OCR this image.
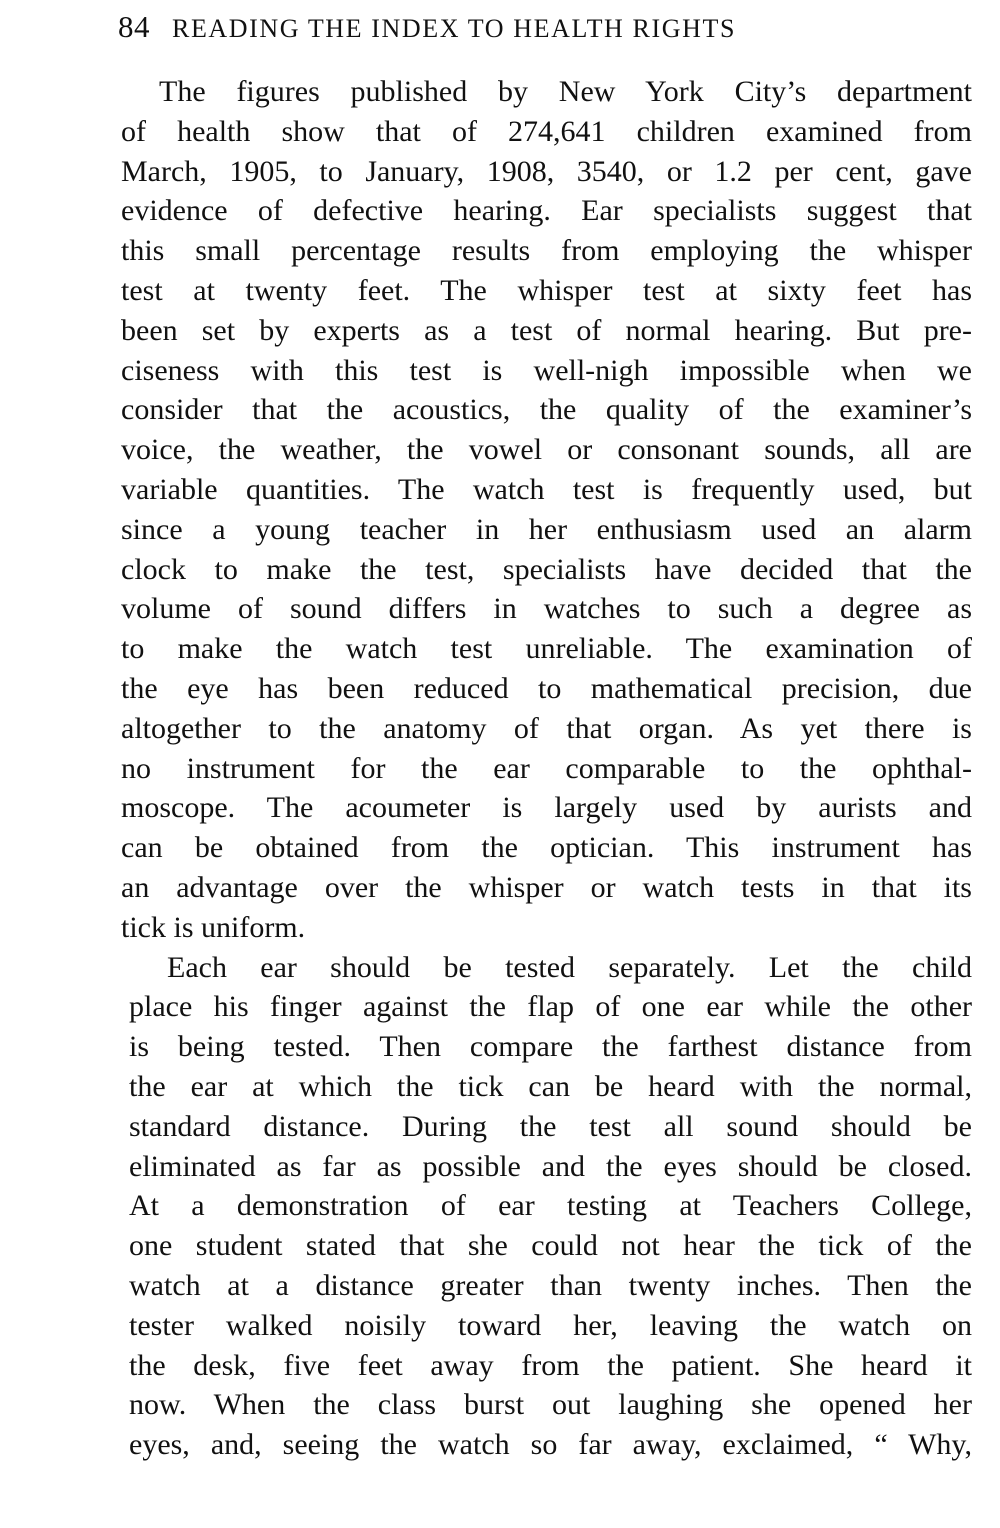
84 READING THE INDEX TO HEALTH RIGHTS
The figures published by New York City’s department
of health show that of 274,641 children examined from
March, 1905, to January, 1908, 3540, or 1.2 per cent, gave
evidence of defective hearing. Ear specialists suggest that
this small percentage results from employing the whisper
test at twenty feet. The whisper test at sixty feet has
been set by experts as a test of normal hearing. But pre-
ciseness with this test is well-nigh impossible when we
consider that the acoustics, the quality of the examiner’s
voice, the weather, the vowel or consonant sounds, all are
variable quantities. The watch test is frequently used, but
since a young teacher in her enthusiasm used an alarm
clock to make the test, specialists have decided that the
volume of sound differs in watches to such a degree as
to make the watch test unreliable. The examination of
the eye has been reduced to mathematical precision, due
altogether to the anatomy of that organ. As yet there is
no instrument for the ear comparable to the ophthal-
moscope. The acoumeter is largely used by aurists and
can be obtained from the optician. This instrument has
an advantage over the whisper or watch tests in that its
tick is uniform.
Each ear should be tested separately. Let the child
place his finger against the flap of one ear while the other
is being tested. Then compare the farthest distance from
the ear at which the tick can be heard with the normal,
standard distance. During the test all sound should be
eliminated as far as possible and the eyes should be closed.
At a demonstration of ear testing at Teachers College,
one student stated that she could not hear the tick of the
watch at a distance greater than twenty inches. Then the
tester walked noisily toward her, leaving the watch on
the desk, five feet away from the patient. She heard it
now. When the class burst out laughing she opened her
eyes, and, seeing the watch so far away, exclaimed, “ Why,
